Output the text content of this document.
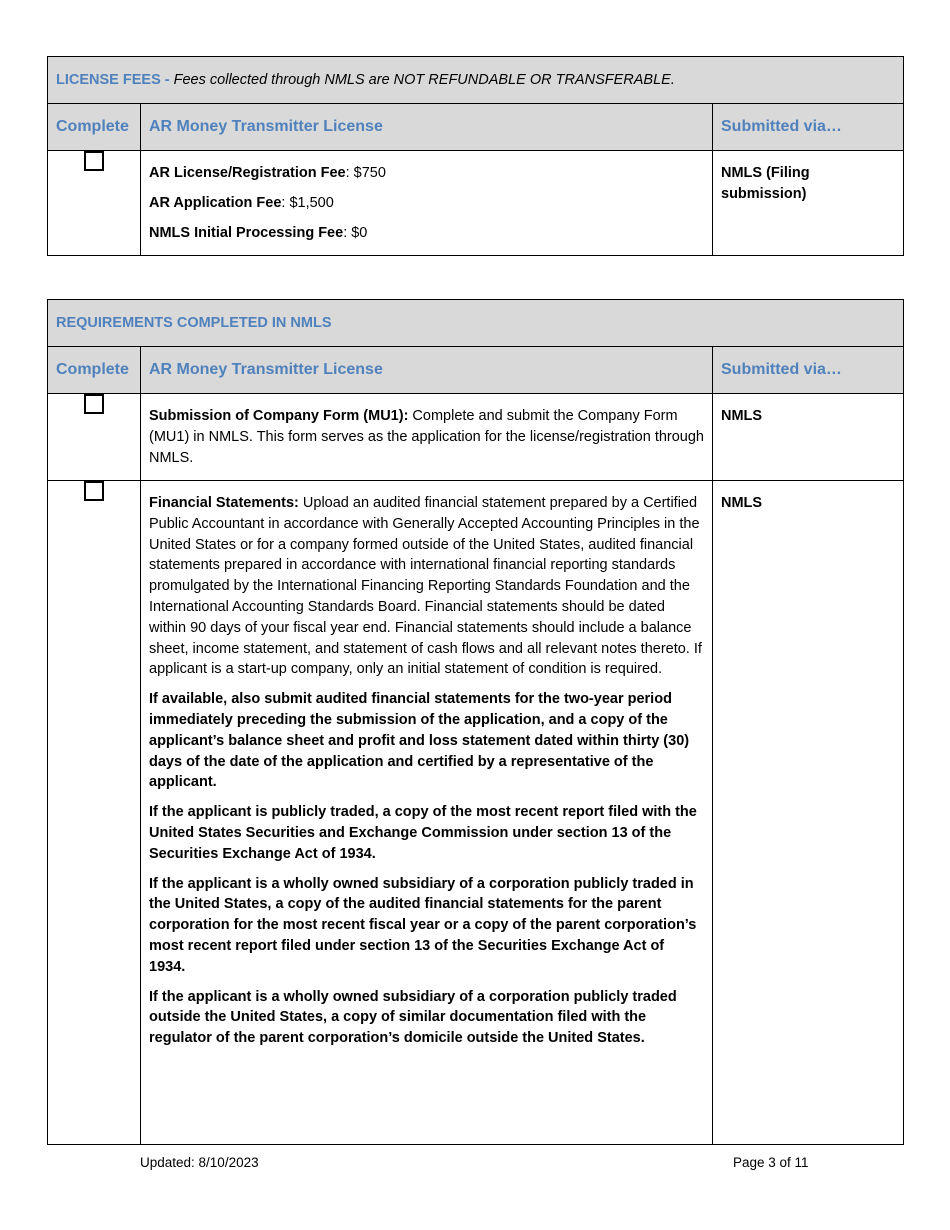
LICENSE FEES - Fees collected through NMLS are NOT REFUNDABLE OR TRANSFERABLE.		
Complete	AR Money Transmitter License	Submitted via…

	AR License/Registration Fee: $750

AR Application Fee: $1,500

NMLS Initial Processing Fee: $0	NMLS (Filing submission)
REQUIREMENTS COMPLETED IN NMLS		
Complete	AR Money Transmitter License	Submitted via…
	Submission of Company Form (MU1): Complete and submit the Company Form (MU1) in NMLS. This form serves as the application for the license/registration through NMLS.	NMLS

	Financial Statements: Upload an audited financial statement prepared by a Certified Public Accountant in accordance with Generally Accepted Accounting Principles in the United States or for a company formed outside of the United States, audited financial statements prepared in accordance with international financial reporting standards promulgated by the International Financing Reporting Standards Foundation and the International Accounting Standards Board. Financial statements should be dated within 90 days of your fiscal year end. Financial statements should include a balance sheet, income statement, and statement of cash flows and all relevant notes thereto. If applicant is a start-up company, only an initial statement of condition is required.

If available, also submit audited financial statements for the two-year period immediately preceding the submission of the application, and a copy of the applicant’s balance sheet and profit and loss statement dated within thirty (30) days of the date of the application and certified by a representative of the applicant.

If the applicant is publicly traded, a copy of the most recent report filed with the United States Securities and Exchange Commission under section 13 of the Securities Exchange Act of 1934.

If the applicant is a wholly owned subsidiary of a corporation publicly traded in the United States, a copy of the audited financial statements for the parent corporation for the most recent fiscal year or a copy of the parent corporation’s most recent report filed under section 13 of the Securities Exchange Act of 1934.

If the applicant is a wholly owned subsidiary of a corporation publicly traded outside the United States, a copy of similar documentation filed with the regulator of the parent corporation’s domicile outside the United States.	NMLS
Updated: 8/10/2023	Page 3 of 11
